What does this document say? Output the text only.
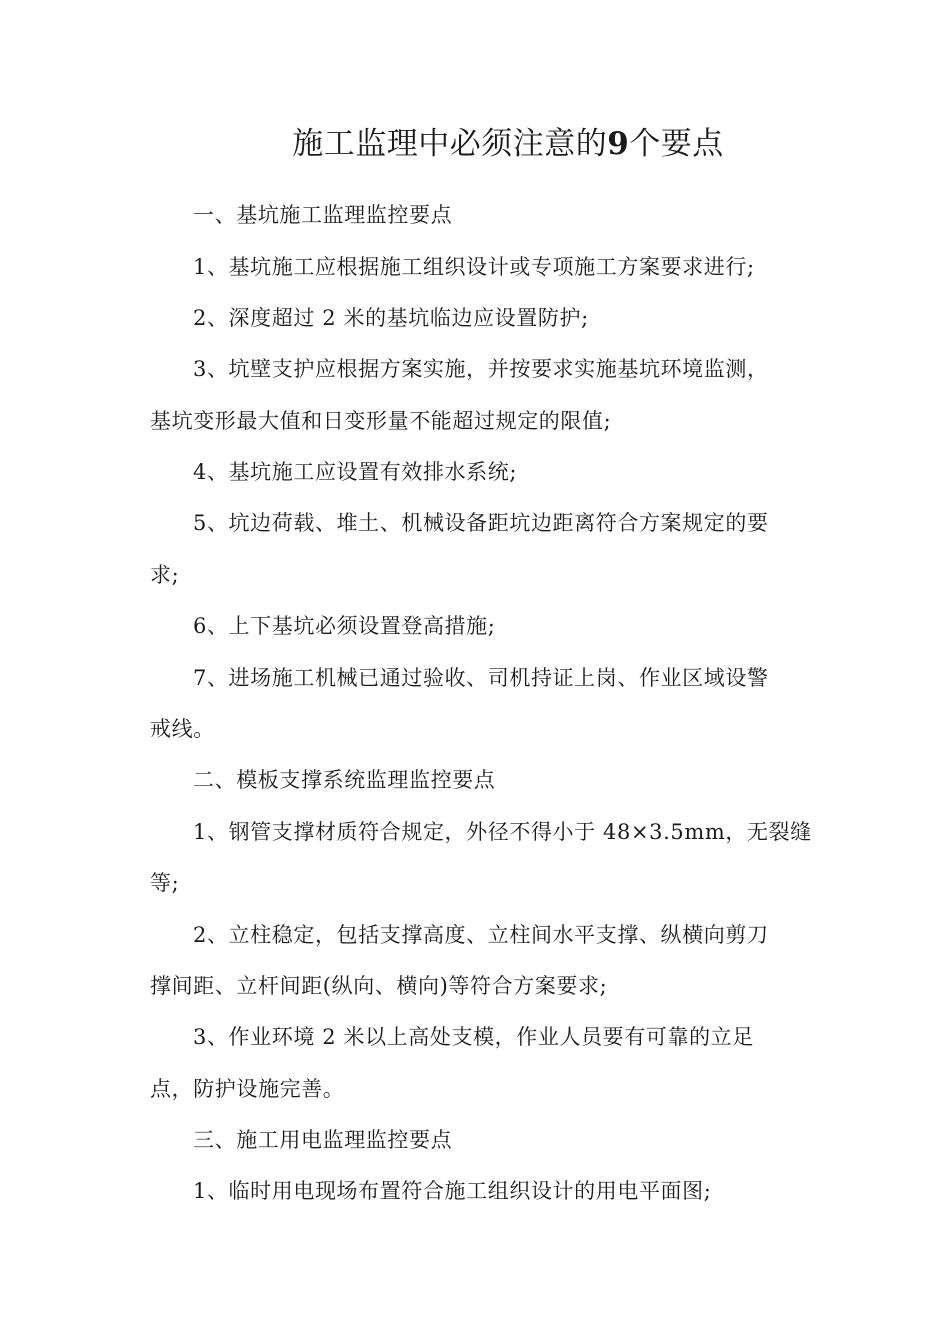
施工监理中必须注意的9个要点
一、基坑施工监理监控要点
1、基坑施工应根据施工组织设计或专项施工方案要求进行;
2、深度超过 2 米的基坑临边应设置防护;
3、坑壁支护应根据方案实施，并按要求实施基坑环境监测，
基坑变形最大值和日变形量不能超过规定的限值;
4、基坑施工应设置有效排水系统;
5、坑边荷载、堆土、机械设备距坑边距离符合方案规定的要
求;
6、上下基坑必须设置登高措施;
7、进场施工机械已通过验收、司机持证上岗、作业区域设警
戒线。
二、模板支撑系统监理监控要点
1、钢管支撑材质符合规定，外径不得小于 48×3.5mm，无裂缝
等;
2、立柱稳定，包括支撑高度、立柱间水平支撑、纵横向剪刀
撑间距、立杆间距(纵向、横向)等符合方案要求;
3、作业环境 2 米以上高处支模，作业人员要有可靠的立足
点，防护设施完善。
三、施工用电监理监控要点
1、临时用电现场布置符合施工组织设计的用电平面图;
